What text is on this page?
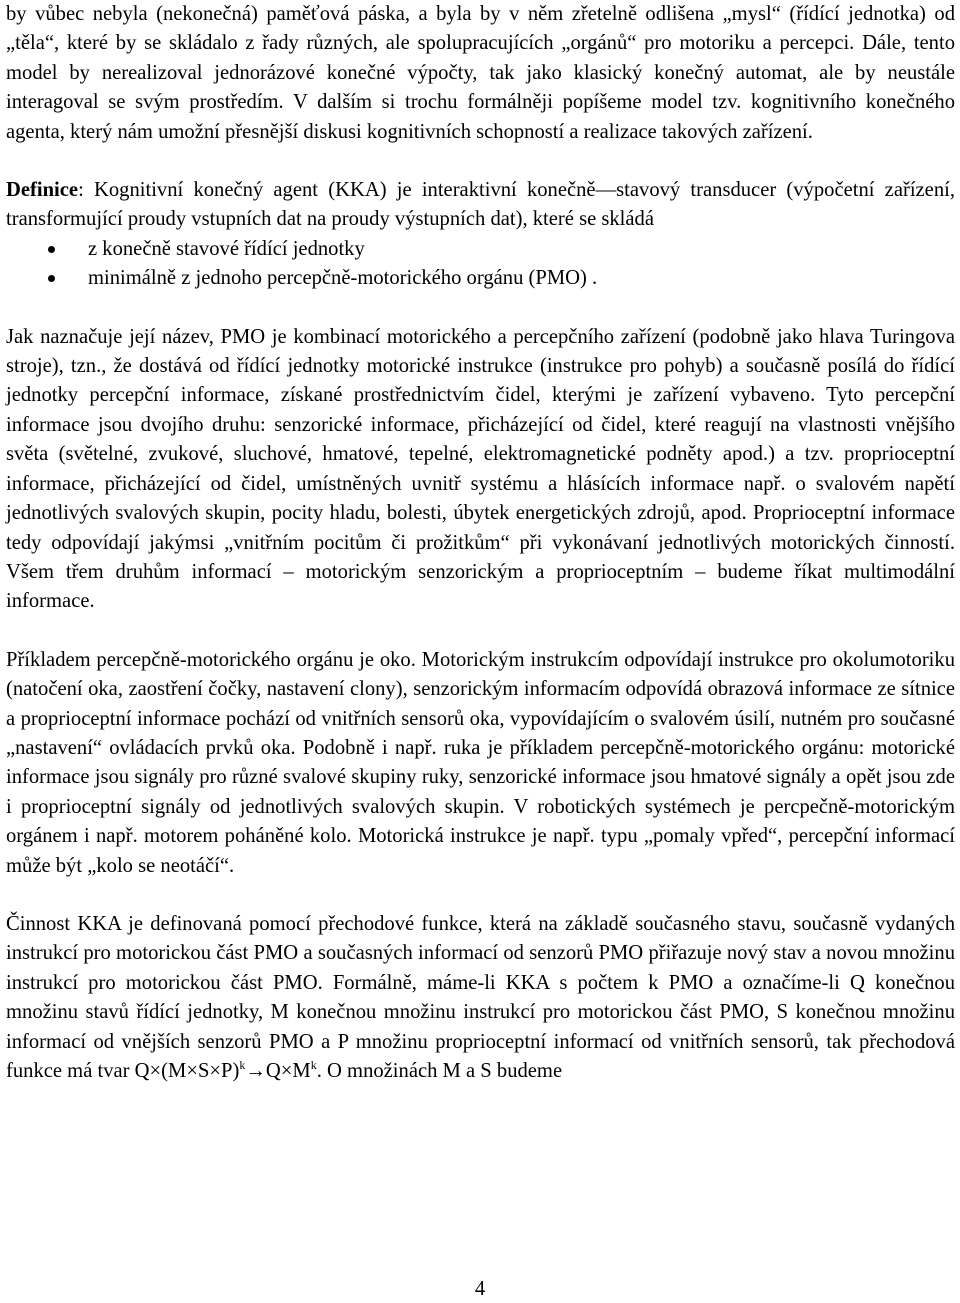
by vůbec nebyla (nekonečná) paměťová páska, a byla by v něm zřetelně odlišena „mysl“ (řídící jednotka) od „těla“, které by se skládalo z řady různých, ale spolupracujících „orgánů“ pro motoriku a percepci. Dále, tento model by nerealizoval jednorázové konečné výpočty, tak jako klasický konečný automat, ale by neustále interagoval se svým prostředím. V dalším si trochu formálněji popíšeme model tzv. kognitivního konečného agenta, který nám umožní přesnější diskusi kognitivních schopností a realizace takových zařízení.

Definice: Kognitivní konečný agent (KKA) je interaktivní konečně—stavový transducer (výpočetní zařízení, transformující proudy vstupních dat na proudy výstupních dat), které se skládá

z konečně stavové řídící jednotky
minimálně z jednoho percepčně-motorického orgánu (PMO) .

Jak naznačuje její název, PMO je kombinací motorického a percepčního zařízení (podobně jako hlava Turingova stroje), tzn., že dostává od řídící jednotky motorické instrukce (instrukce pro pohyb) a současně posílá do řídící jednotky percepční informace, získané prostřednictvím čidel, kterými je zařízení vybaveno. Tyto percepční informace jsou dvojího druhu: senzorické informace, přicházející od čidel, které reagují na vlastnosti vnějšího světa (světelné, zvukové, sluchové, hmatové, tepelné, elektromagnetické podněty apod.) a tzv. proprioceptní informace, přicházející od čidel, umístněných uvnitř systému a hlásících informace např. o svalovém napětí jednotlivých svalových skupin, pocity hladu, bolesti, úbytek energetických zdrojů, apod. Proprioceptní informace tedy odpovídají jakýmsi „vnitřním pocitům či prožitkům“ při vykonávaní jednotlivých motorických činností. Všem třem druhům informací – motorickým senzorickým a proprioceptním – budeme říkat multimodální informace.

Příkladem percepčně-motorického orgánu je oko. Motorickým instrukcím odpovídají instrukce pro okolumotoriku (natočení oka, zaostření čočky, nastavení clony), senzorickým informacím odpovídá obrazová informace ze sítnice a proprioceptní informace pochází od vnitřních sensorů oka, vypovídajícím o svalovém úsilí, nutném pro současné „nastavení“ ovládacích prvků oka. Podobně i např. ruka je příkladem percepčně-motorického orgánu: motorické informace jsou signály pro různé svalové skupiny ruky, senzorické informace jsou hmatové signály a opět jsou zde i proprioceptní signály od jednotlivých svalových skupin. V robotických systémech je percpečně-motorickým orgánem i např. motorem poháněné kolo. Motorická instrukce je např. typu „pomaly vpřed“, percepční informací může být „kolo se neotáčí“.

Činnost KKA je definovaná pomocí přechodové funkce, která na základě současného stavu, současně vydaných instrukcí pro motorickou část PMO a současných informací od senzorů PMO přiřazuje nový stav a novou množinu instrukcí pro motorickou část PMO. Formálně, máme-li KKA s počtem k PMO a označíme-li Q konečnou množinu stavů řídící jednotky, M konečnou množinu instrukcí pro motorickou část PMO, S konečnou množinu informací od vnějších senzorů PMO a P množinu proprioceptní informací od vnitřních sensorů, tak přechodová funkce má tvar $Q\times(M\times S\times P)^k\to Q\times M^k$. O množinách M a S budeme

4
